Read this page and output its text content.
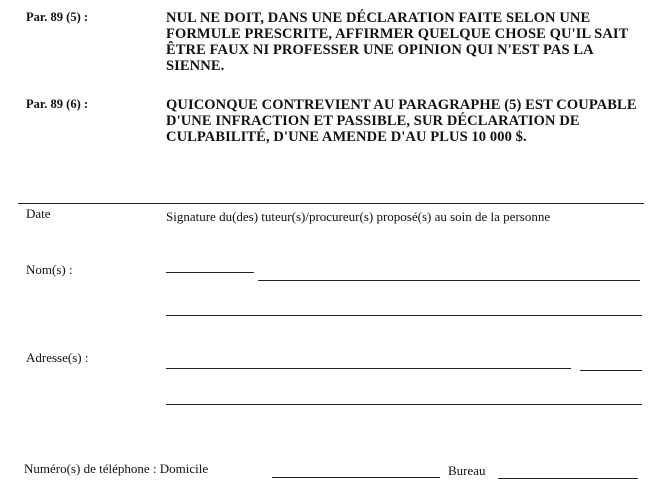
Par. 89 (5) :	NUL NE DOIT, DANS UNE DÉCLARATION FAITE SELON UNE FORMULE PRESCRITE, AFFIRMER QUELQUE CHOSE QU'IL SAIT ÊTRE FAUX NI PROFESSER UNE OPINION QUI N'EST PAS LA SIENNE.
Par. 89 (6) :	QUICONQUE CONTREVIENT AU PARAGRAPHE (5) EST COUPABLE D'UNE INFRACTION ET PASSIBLE, SUR DÉCLARATION DE CULPABILITÉ, D'UNE AMENDE D'AU PLUS 10 000 $.
Date	Signature du(des) tuteur(s)/procureur(s) proposé(s) au soin de la personne
Nom(s) :
Adresse(s) :
Numéro(s) de téléphone : Domicile	Bureau
